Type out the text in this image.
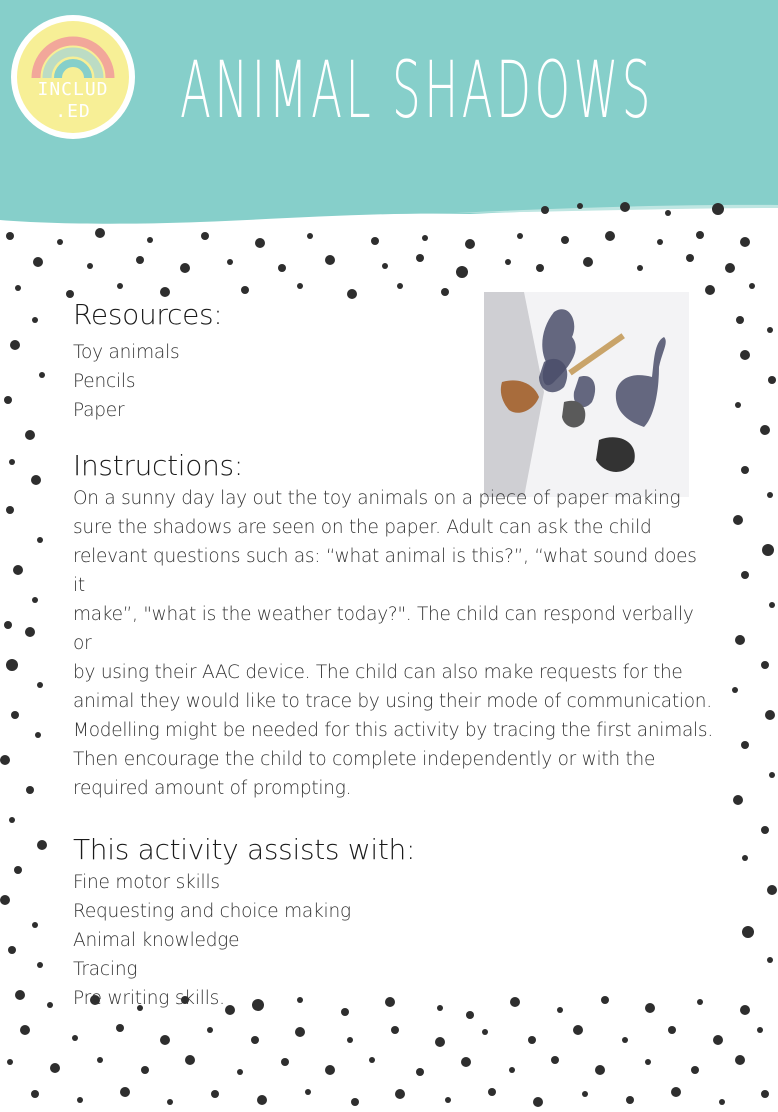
INCLUD
.ED	ANIMAL SHADOWS
Resources:
Toy animals
Pencils
Paper
Instructions:
On a sunny day lay out the toy animals on a piece of paper making
sure the shadows are seen on the paper. Adult can ask the child
relevant questions such as: “what animal is this?”, “what sound does it
make”, "what is the weather today?". The child can respond verbally or
by using their AAC device. The child can also make requests for the
animal they would like to trace by using their mode of communication.
Modelling might be needed for this activity by tracing the first animals.
Then encourage the child to complete independently or with the
required amount of prompting.
This activity assists with:
Fine motor skills
Requesting and choice making
Animal knowledge
Tracing
Pre writing skills.
